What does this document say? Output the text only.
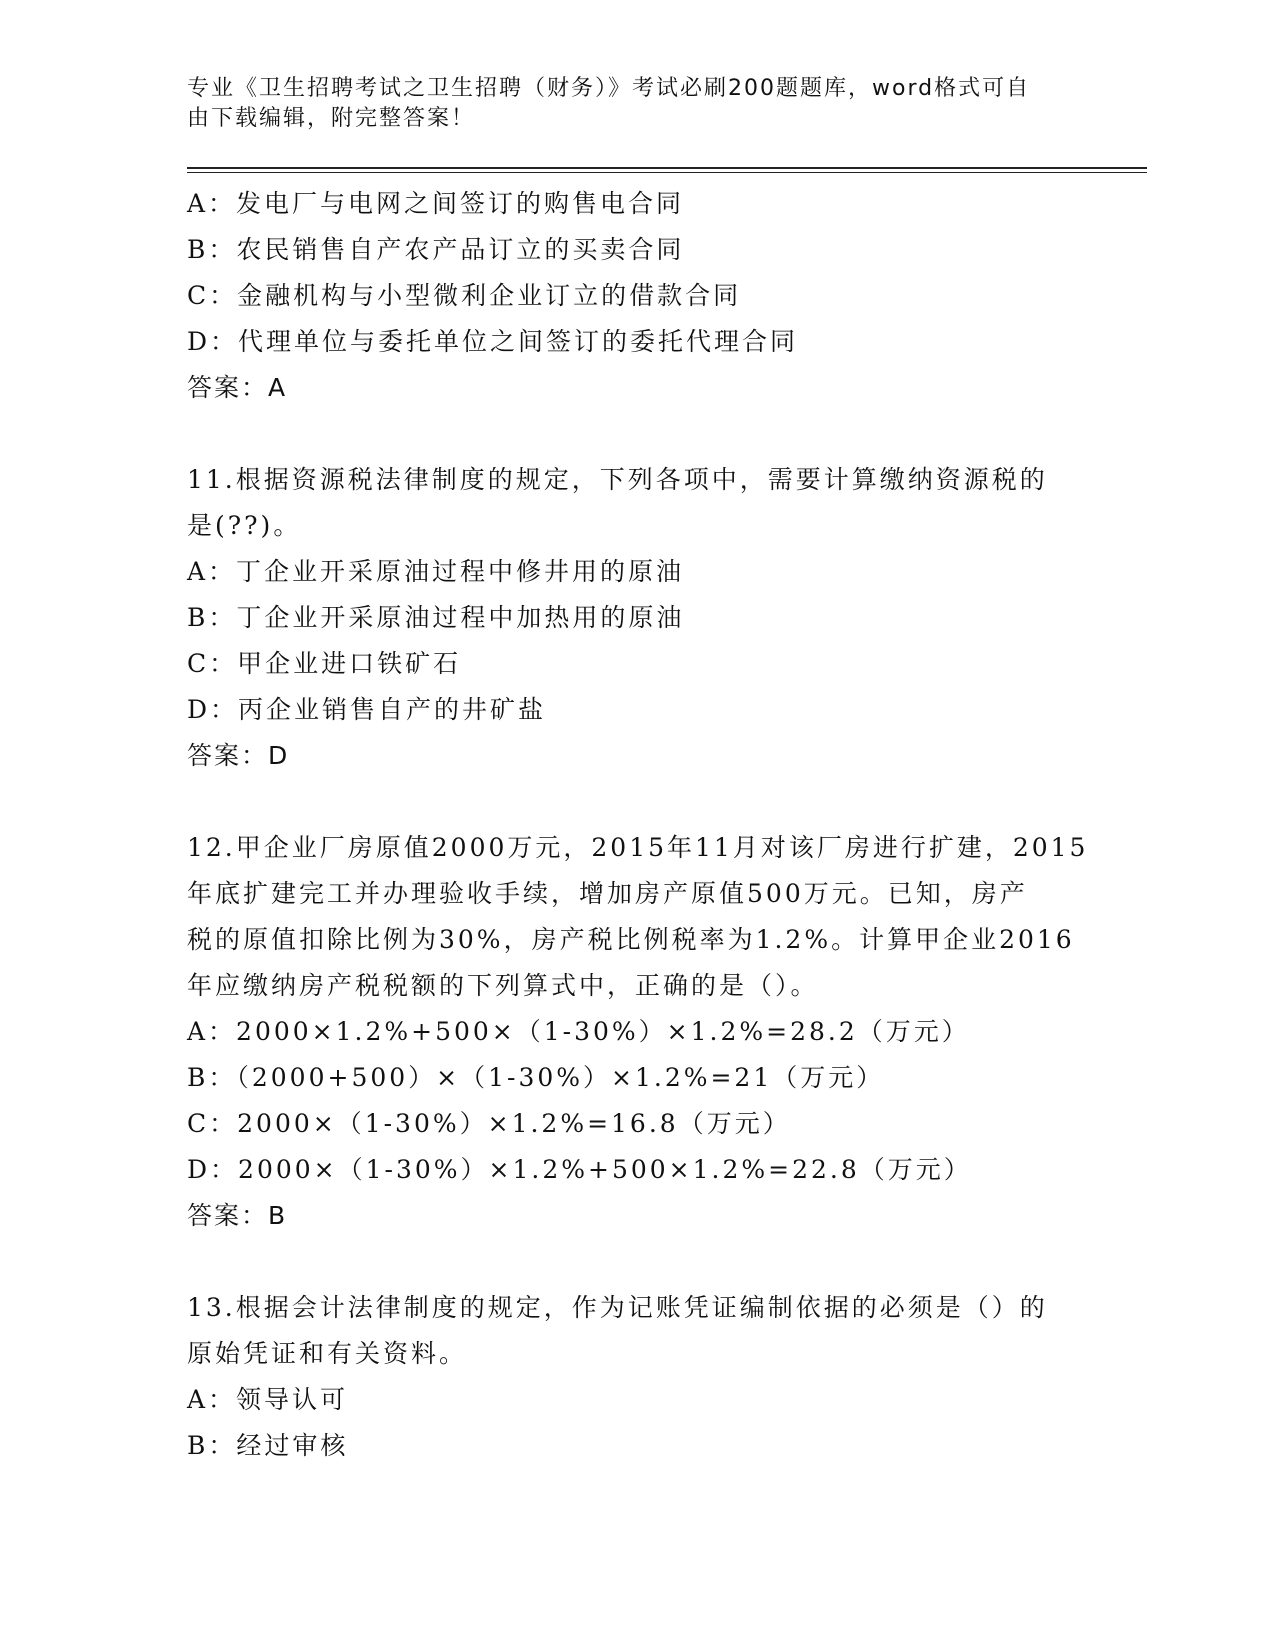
专业《卫生招聘考试之卫生招聘（财务）》考试必刷200题题库，word格式可自
由下载编辑，附完整答案！
A：发电厂与电网之间签订的购售电合同
B：农民销售自产农产品订立的买卖合同
C：金融机构与小型微利企业订立的借款合同
D：代理单位与委托单位之间签订的委托代理合同
答案：A
11.根据资源税法律制度的规定，下列各项中，需要计算缴纳资源税的
是(??)。
A：丁企业开采原油过程中修井用的原油
B：丁企业开采原油过程中加热用的原油
C：甲企业进口铁矿石
D：丙企业销售自产的井矿盐
答案：D
12.甲企业厂房原值2000万元，2015年11月对该厂房进行扩建，2015
年底扩建完工并办理验收手续，增加房产原值500万元。已知，房产
税的原值扣除比例为30%，房产税比例税率为1.2%。计算甲企业2016
年应缴纳房产税税额的下列算式中，正确的是（）。
A：2000×1.2%+500×（1-30%）×1.2%=28.2（万元）
B：（2000+500）×（1-30%）×1.2%=21（万元）
C：2000×（1-30%）×1.2%=16.8（万元）
D：2000×（1-30%）×1.2%+500×1.2%=22.8（万元）
答案：B
13.根据会计法律制度的规定，作为记账凭证编制依据的必须是（）的
原始凭证和有关资料。
A：领导认可
B：经过审核
